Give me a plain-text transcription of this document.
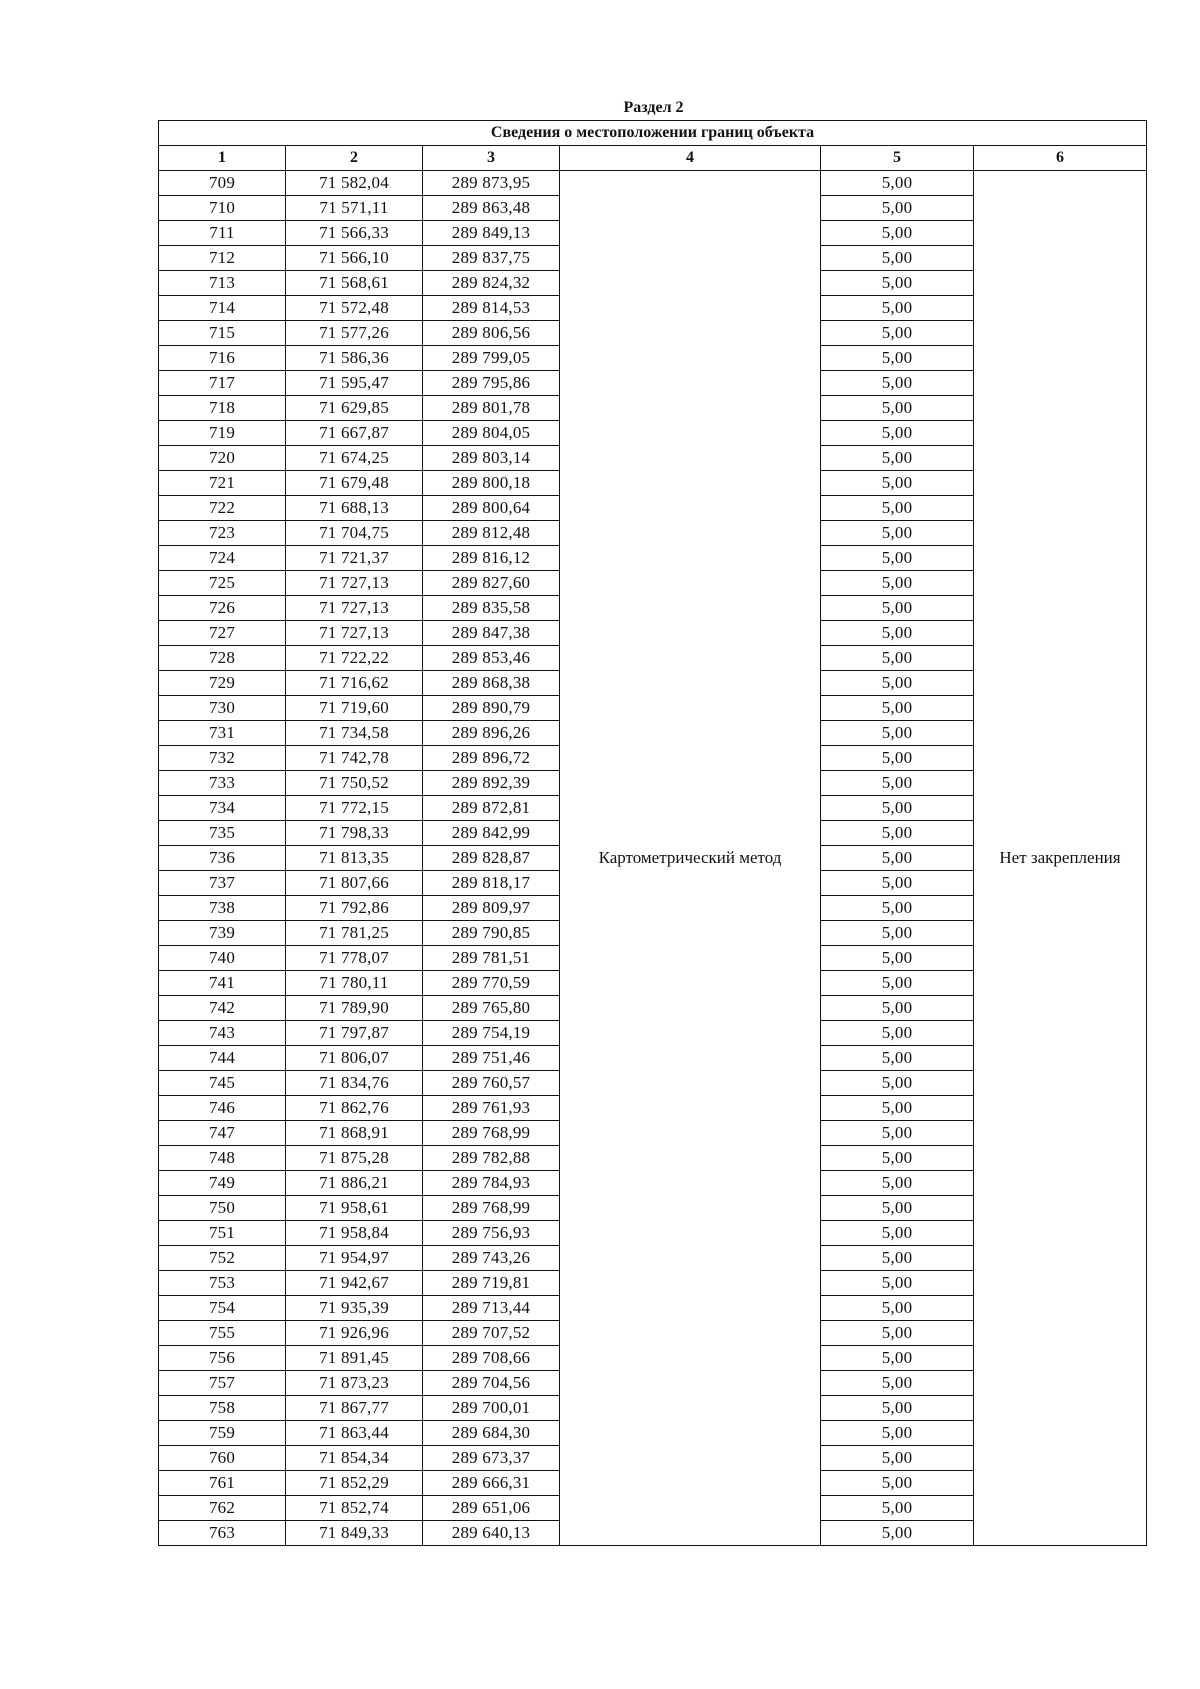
Раздел 2
Сведения о местоположении границ объекта					
1	2	3	4	5	6
709	71 582,04	289 873,95	Картометрический метод	5,00	Нет закрепления
710	71 571,11	289 863,48		5,00	
711	71 566,33	289 849,13		5,00	
712	71 566,10	289 837,75		5,00	
713	71 568,61	289 824,32		5,00	
714	71 572,48	289 814,53		5,00	
715	71 577,26	289 806,56		5,00	
716	71 586,36	289 799,05		5,00	
717	71 595,47	289 795,86		5,00	
718	71 629,85	289 801,78		5,00	
719	71 667,87	289 804,05		5,00	
720	71 674,25	289 803,14		5,00	
721	71 679,48	289 800,18		5,00	
722	71 688,13	289 800,64		5,00	
723	71 704,75	289 812,48		5,00	
724	71 721,37	289 816,12		5,00	
725	71 727,13	289 827,60		5,00	
726	71 727,13	289 835,58		5,00	
727	71 727,13	289 847,38		5,00	
728	71 722,22	289 853,46		5,00	
729	71 716,62	289 868,38		5,00	
730	71 719,60	289 890,79		5,00	
731	71 734,58	289 896,26		5,00	
732	71 742,78	289 896,72		5,00	
733	71 750,52	289 892,39		5,00	
734	71 772,15	289 872,81		5,00	
735	71 798,33	289 842,99		5,00	
736	71 813,35	289 828,87		5,00	
737	71 807,66	289 818,17		5,00	
738	71 792,86	289 809,97		5,00	
739	71 781,25	289 790,85		5,00	
740	71 778,07	289 781,51		5,00	
741	71 780,11	289 770,59		5,00	
742	71 789,90	289 765,80		5,00	
743	71 797,87	289 754,19		5,00	
744	71 806,07	289 751,46		5,00	
745	71 834,76	289 760,57		5,00	
746	71 862,76	289 761,93		5,00	
747	71 868,91	289 768,99		5,00	
748	71 875,28	289 782,88		5,00	
749	71 886,21	289 784,93		5,00	
750	71 958,61	289 768,99		5,00	
751	71 958,84	289 756,93		5,00	
752	71 954,97	289 743,26		5,00	
753	71 942,67	289 719,81		5,00	
754	71 935,39	289 713,44		5,00	
755	71 926,96	289 707,52		5,00	
756	71 891,45	289 708,66		5,00	
757	71 873,23	289 704,56		5,00	
758	71 867,77	289 700,01		5,00	
759	71 863,44	289 684,30		5,00	
760	71 854,34	289 673,37		5,00	
761	71 852,29	289 666,31		5,00	
762	71 852,74	289 651,06		5,00	
763	71 849,33	289 640,13		5,00	
